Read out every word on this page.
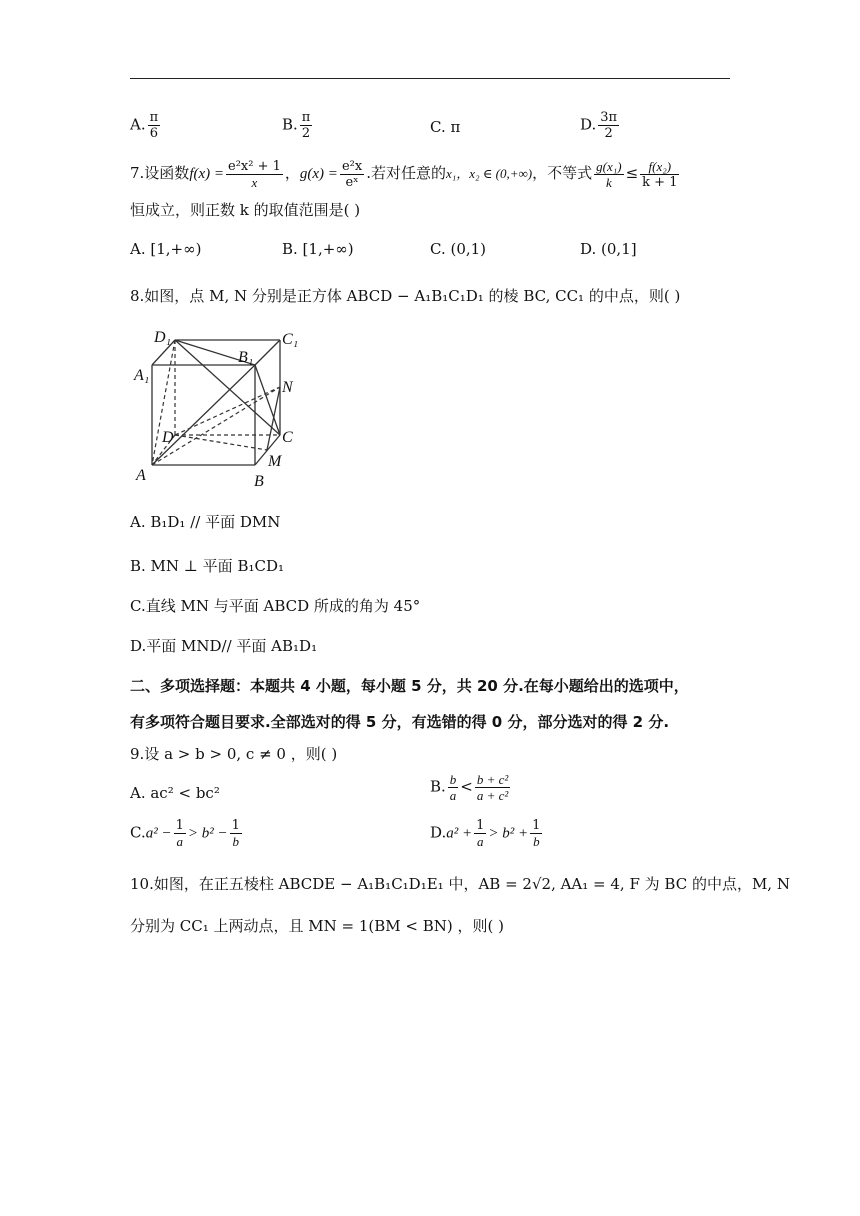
A. $\frac{\pi}{6}$	B. $\frac{\pi}{2}$	C. π	D. $\frac{3\pi}{2}$
7.设函数$f(x) = \frac{\text{e²x² + 1}}{x}$ ，$g(x) = \frac{\text{e²x}}{\text{eˣ}}$ .若对任意的x₁，x₂ ∈ (0,+∞)，不等式 $\frac{\text{g(x₁)}}{k} \le \frac{\text{f(x₂)}}{k + 1}$
恒成立，则正数 k 的取值范围是( )
A. [1,+∞)	B. [1,+∞)	C. (0,1)	D. (0,1]
8.如图，点 M, N 分别是正方体 ABCD − A₁B₁C₁D₁ 的棱 BC, CC₁ 的中点，则( )
D₁	C₁
B₁
A₁
N
D	C
M
A	B
A. B₁D₁ // 平面 DMN
B. MN ⊥ 平面 B₁CD₁
C.直线 MN 与平面 ABCD 所成的角为 45°
D.平面 MND// 平面 AB₁D₁
二、多项选择题：本题共 4 小题，每小题 5 分，共 20 分.在每小题给出的选项中，
有多项符合题目要求.全部选对的得 5 分，有选错的得 0 分，部分选对的得 2 分.
9.设 a > b > 0, c ≠ 0 ，则( )
A. ac² < bc²	B. $\frac{b}{a} < \frac{\text{b + c²}}{\text{a + c²}}$
$C.a^2 - \frac{1}{a} > b^2 - \frac{1}{b}$	$D.a^2 + \frac{1}{a} > b^2 + \frac{1}{b}$
10.如图，在正五棱柱 ABCDE − A₁B₁C₁D₁E₁ 中，AB = 2√2, AA₁ = 4, F 为 BC 的中点，M, N
分别为 CC₁ 上两动点，且 MN = 1(BM < BN) ，则( )
